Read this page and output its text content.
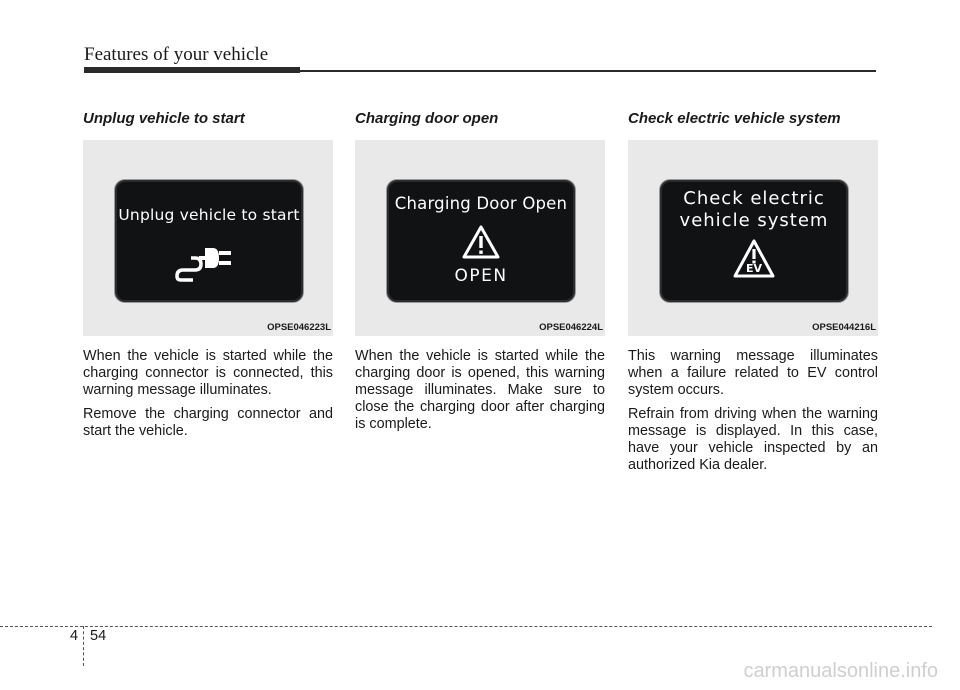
Features of your vehicle
Unplug vehicle to start
Unplug vehicle to start
OPSE046223L

When the vehicle is started while the charging connector is connected, this warning message illuminates.

Remove the charging connector and start the vehicle.

Charging door open
Charging Door Open
OPEN
OPSE046224L

When the vehicle is started while the charging door is opened, this warning message illuminates. Make sure to close the charging door after charging is complete.

Check electric vehicle system
Check electric
vehicle system
EV
OPSE044216L

This warning message illuminates when a failure related to EV control system occurs.

Refrain from driving when the warning message is displayed. In this case, have your vehicle inspected by an authorized Kia dealer.

4 54
carmanualsonline.info
